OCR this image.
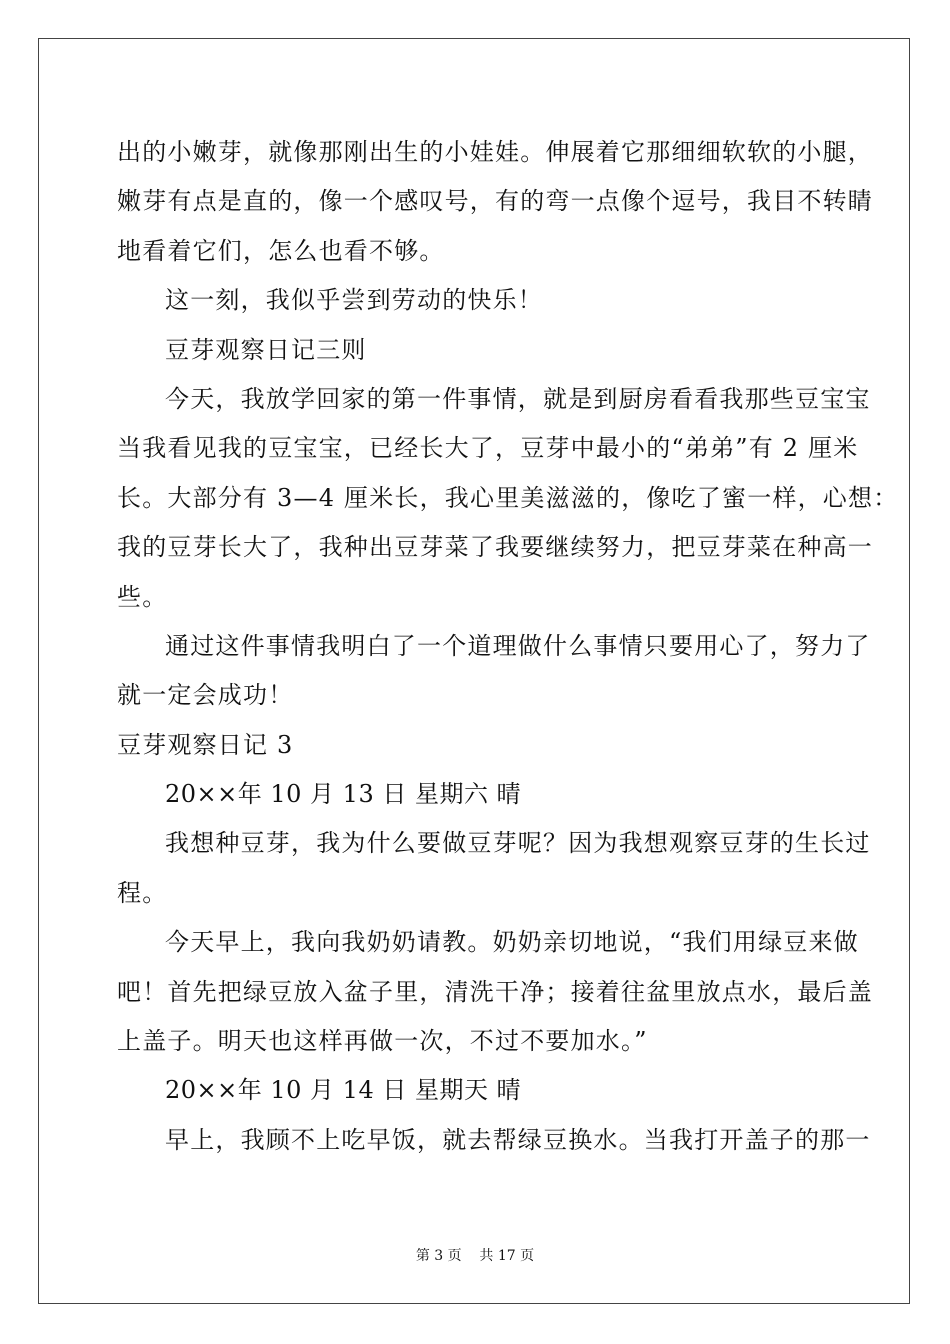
出的小嫩芽，就像那刚出生的小娃娃。伸展着它那细细软软的小腿，
嫩芽有点是直的，像一个感叹号，有的弯一点像个逗号，我目不转睛
地看着它们，怎么也看不够。
这一刻，我似乎尝到劳动的快乐！
豆芽观察日记三则
今天，我放学回家的第一件事情，就是到厨房看看我那些豆宝宝
当我看见我的豆宝宝，已经长大了，豆芽中最小的“弟弟”有 2 厘米
长。大部分有 3—4 厘米长，我心里美滋滋的，像吃了蜜一样，心想：
我的豆芽长大了，我种出豆芽菜了我要继续努力，把豆芽菜在种高一
些。
通过这件事情我明白了一个道理做什么事情只要用心了，努力了
就一定会成功！
豆芽观察日记 3
20××年 10 月 13 日 星期六 晴
我想种豆芽，我为什么要做豆芽呢？因为我想观察豆芽的生长过
程。
今天早上，我向我奶奶请教。奶奶亲切地说，“我们用绿豆来做
吧！首先把绿豆放入盆子里，清洗干净；接着往盆里放点水，最后盖
上盖子。明天也这样再做一次，不过不要加水。”
20××年 10 月 14 日 星期天 晴
早上，我顾不上吃早饭，就去帮绿豆换水。当我打开盖子的那一
第 3 页    共 17 页
